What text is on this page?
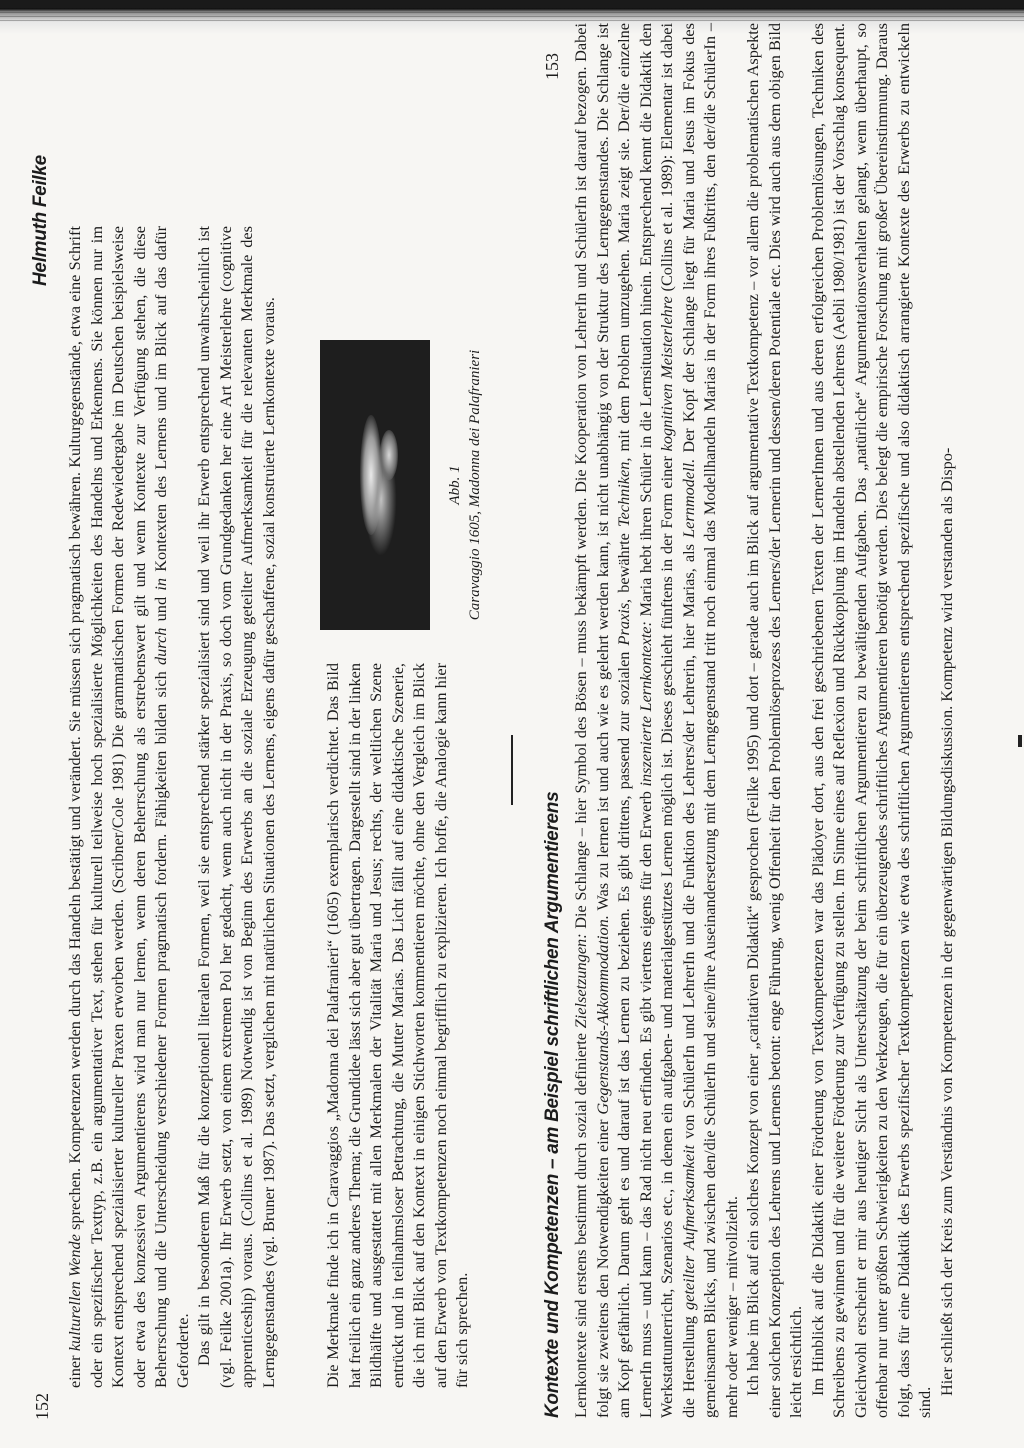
152
Helmuth Feilke

einer kulturellen Wende sprechen. Kompetenzen werden durch das Handeln bestätigt und verändert. Sie müssen sich pragmatisch bewähren. Kulturgegenstände, etwa eine Schrift oder ein spezifischer Texttyp, z.B. ein argumentativer Text, stehen für kulturell teilweise hoch spezialisierte Möglichkeiten des Handelns und Erkennens. Sie können nur im Kontext entsprechend spezialisierter kultureller Praxen erworben werden. (Scribner/Cole 1981) Die grammatischen Formen der Redewiedergabe im Deutschen beispielsweise oder etwa des konzessiven Argumentierens wird man nur lernen, wenn deren Beherrschung als erstrebenswert gilt und wenn Kontexte zur Verfügung stehen, die diese Beherrschung und die Unterscheidung verschiedener Formen pragmatisch fordern. Fähigkeiten bilden sich durch und in Kontexten des Lernens und im Blick auf das dafür Geforderte. Das gilt in besonderem Maß für die konzeptionell literalen Formen, weil sie entsprechend stärker spezialisiert sind und weil ihr Erwerb entsprechend unwahrscheinlich ist (vgl. Feilke 2001a). Ihr Erwerb setzt, von einem extremen Pol her gedacht, wenn auch nicht in der Praxis, so doch vom Grundgedanken her eine Art Meisterlehre (cognitive apprenticeship) voraus. (Collins et al. 1989) Notwendig ist von Beginn des Erwerbs an die soziale Erzeugung geteilter Aufmerksamkeit für die relevanten Merkmale des Lerngegenstandes (vgl. Bruner 1987). Das setzt, verglichen mit natürlichen Situationen des Lernens, eigens dafür geschaffene, sozial konstruierte Lernkontexte voraus.	Die Merkmale finde ich in Caravaggios „Madonna dei Palafranieri“ (1605) exemplarisch verdichtet. Das Bild hat freilich ein ganz anderes Thema; die Grundidee lässt sich aber gut übertragen. Dargestellt sind in der linken Bildhälfte und ausgestattet mit allen Merkmalen der Vitalität Maria und Jesus; rechts, der weltlichen Szene entrückt und in teilnahmsloser Betrachtung, die Mutter Marias. Das Licht fällt auf eine didaktische Szenerie, die ich mit Blick auf den Kontext in einigen Stichworten kommentieren möchte, ohne den Vergleich im Blick auf den Erwerb von Textkompetenzen noch einmal begrifflich zu explizieren. Ich hoffe, die Analogie kann hier für sich sprechen.

Abb. 1 Caravaggio 1605, Madonna dei Palafranieri
Kontexte und Kompetenzen – am Beispiel schriftlichen Argumentierens
153

Lernkontexte sind erstens bestimmt durch sozial definierte Zielsetzungen: Die Schlange – hier Symbol des Bösen – muss bekämpft werden. Die Kooperation von LehrerIn und SchülerIn ist darauf bezogen. Dabei folgt sie zweitens den Notwendigkeiten einer Gegenstands-Akkommodation. Was zu lernen ist und auch wie es gelehrt werden kann, ist nicht unabhängig von der Struktur des Lerngegenstandes. Die Schlange ist am Kopf gefährlich. Darum geht es und darauf ist das Lernen zu beziehen. Es gibt drittens, passend zur sozialen Praxis, bewährte Techniken, mit dem Problem umzugehen. Maria zeigt sie. Der/die einzelne LernerIn muss – und kann – das Rad nicht neu erfinden. Es gibt viertens eigens für den Erwerb inszenierte Lernkontexte: Maria hebt ihren Schüler in die Lernsituation hinein. Entsprechend kennt die Didaktik den Werkstattunterricht, Szenarios etc., in denen ein aufgaben- und materialgestütztes Lernen möglich ist. Dieses geschieht fünftens in der Form einer kognitiven Meisterlehre (Collins et al. 1989): Elementar ist dabei die Herstellung geteilter Aufmerksamkeit von SchülerIn und LehrerIn und die Funktion des Lehrers/der Lehrerin, hier Marias, als Lernmodell. Der Kopf der Schlange liegt für Maria und Jesus im Fokus des gemeinsamen Blicks, und zwischen den/die SchülerIn und seine/ihre Auseinandersetzung mit dem Lerngegenstand tritt noch einmal das Modellhandeln Marias in der Form ihres Fußtritts, den der/die SchülerIn – mehr oder weniger – mitvollzieht. Ich habe im Blick auf ein solches Konzept von einer „caritativen Didaktik“ gesprochen (Feilke 1995) und dort – gerade auch im Blick auf argumentative Textkompetenz – vor allem die problematischen Aspekte einer solchen Konzeption des Lehrens und Lernens betont: enge Führung, wenig Offenheit für den Problemlöseprozess des Lerners/der Lernerin und dessen/deren Potentiale etc. Dies wird auch aus dem obigen Bild leicht ersichtlich. Im Hinblick auf die Didaktik einer Förderung von Textkompetenzen war das Plädoyer dort, aus den frei geschriebenen Texten der LernerInnen und aus deren erfolgreichen Problemlösungen, Techniken des Schreibens zu gewinnen und für die weitere Förderung zur Verfügung zu stellen. Im Sinne eines auf Reflexion und Rückkopplung im Handeln abstellenden Lehrens (Aebli 1980/1981) ist der Vorschlag konsequent. Gleichwohl erscheint er mir aus heutiger Sicht als Unterschätzung der beim schriftlichen Argumentieren zu bewältigenden Aufgaben. Das „natürliche“ Argumentationsverhalten gelangt, wenn überhaupt, so offenbar nur unter größten Schwierigkeiten zu den Werkzeugen, die für ein überzeugendes schriftliches Argumentieren benötigt werden. Dies belegt die empirische Forschung mit großer Übereinstimmung. Daraus folgt, dass für eine Didaktik des Erwerbs spezifischer Textkompetenzen wie etwa des schriftlichen Argumentierens entsprechend spezifische und also didaktisch arrangierte Kontexte des Erwerbs zu entwickeln sind.

Hier schließt sich der Kreis zum Verständnis von Kompetenzen in der gegenwärtigen Bildungsdiskussion. Kompetenz wird verstanden als Dispo-
